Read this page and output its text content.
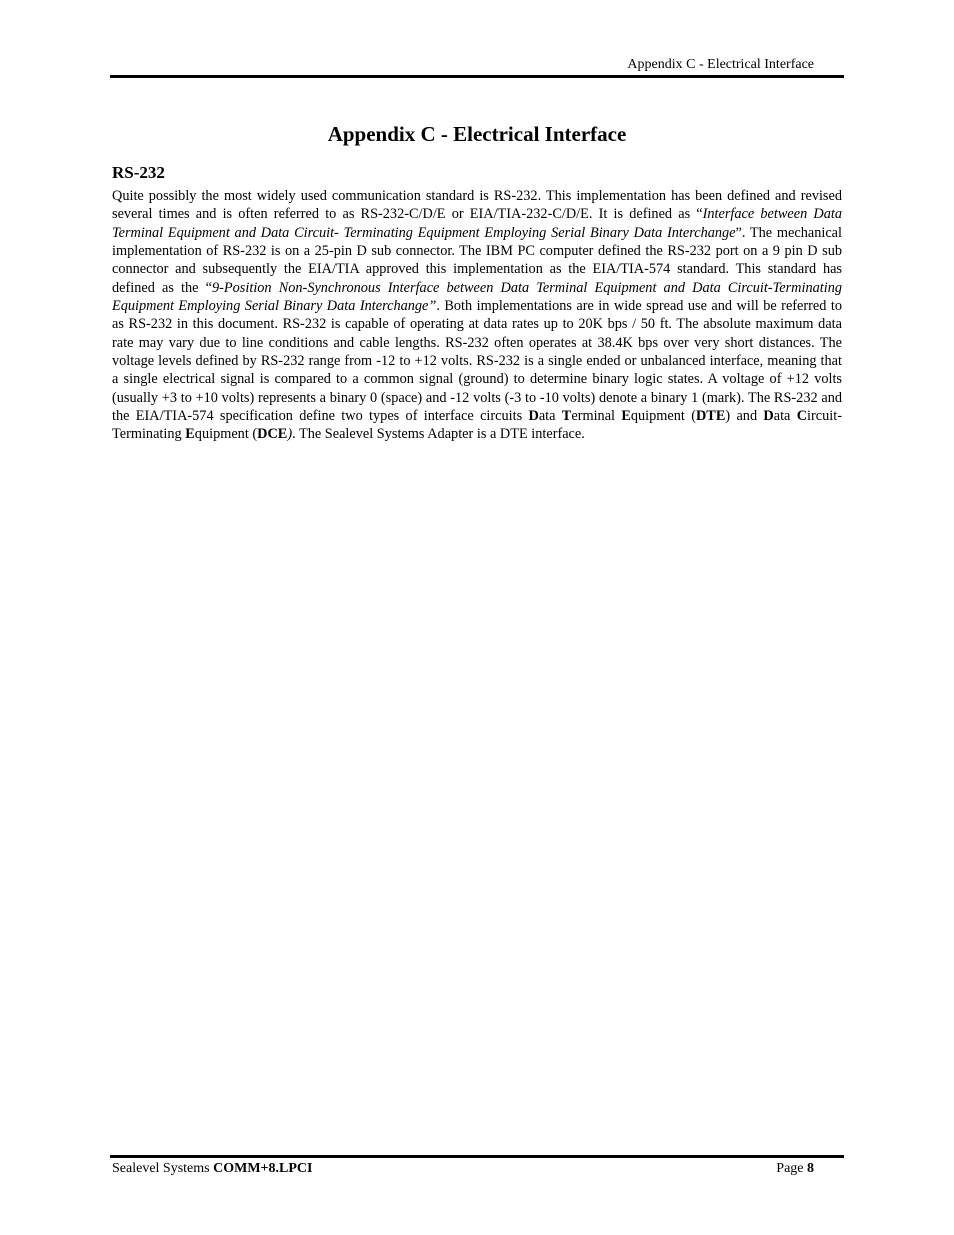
Appendix C - Electrical Interface
Appendix C - Electrical Interface
RS-232

Quite possibly the most widely used communication standard is RS-232. This implementation has been defined and revised several times and is often referred to as RS-232-C/D/E or EIA/TIA-232-C/D/E. It is defined as “Interface between Data Terminal Equipment and Data Circuit- Terminating Equipment Employing Serial Binary Data Interchange”. The mechanical implementation of RS-232 is on a 25-pin D sub connector. The IBM PC computer defined the RS-232 port on a 9 pin D sub connector and subsequently the EIA/TIA approved this implementation as the EIA/TIA-574 standard. This standard has defined as the “9-Position Non-Synchronous Interface between Data Terminal Equipment and Data Circuit-Terminating Equipment Employing Serial Binary Data Interchange”. Both implementations are in wide spread use and will be referred to as RS-232 in this document. RS-232 is capable of operating at data rates up to 20K bps / 50 ft. The absolute maximum data rate may vary due to line conditions and cable lengths. RS-232 often operates at 38.4K bps over very short distances. The voltage levels defined by RS-232 range from -12 to +12 volts. RS-232 is a single ended or unbalanced interface, meaning that a single electrical signal is compared to a common signal (ground) to determine binary logic states. A voltage of +12 volts (usually +3 to +10 volts) represents a binary 0 (space) and -12 volts (-3 to -10 volts) denote a binary 1 (mark). The RS-232 and the EIA/TIA-574 specification define two types of interface circuits Data Terminal Equipment (DTE) and Data Circuit-Terminating Equipment (DCE). The Sealevel Systems Adapter is a DTE interface.

Sealevel Systems COMM+8.LPCI	Page 8
